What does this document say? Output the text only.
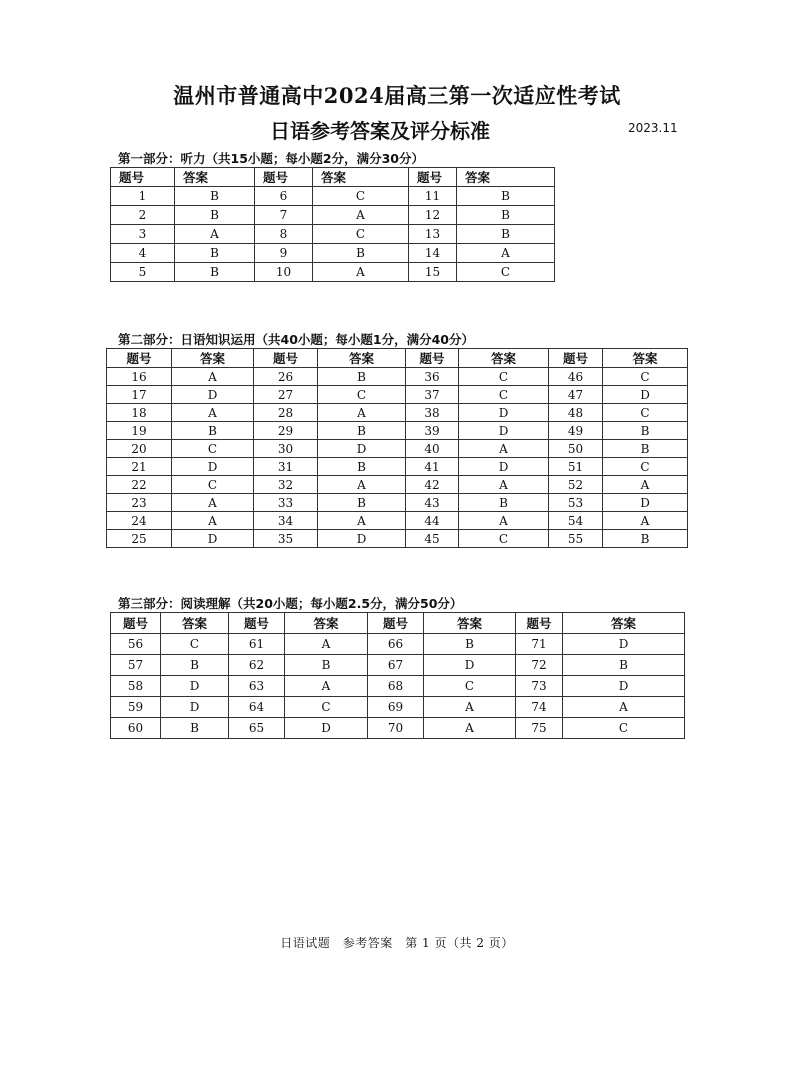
温州市普通高中2024届高三第一次适应性考试
日语参考答案及评分标准	2023.11
第一部分：听力（共15小题；每小题2分，满分30分）
题号	答案	题号	答案	题号	答案
1	B	6	C	11	B
2	B	7	A	12	B
3	A	8	C	13	B
4	B	9	B	14	A
5	B	10	A	15	C
第二部分：日语知识运用（共40小题；每小题1分，满分40分）
题号	答案	题号	答案	题号	答案	题号	答案
16	A	26	B	36	C	46	C
17	D	27	C	37	C	47	D
18	A	28	A	38	D	48	C
19	B	29	B	39	D	49	B
20	C	30	D	40	A	50	B
21	D	31	B	41	D	51	C
22	C	32	A	42	A	52	A
23	A	33	B	43	B	53	D
24	A	34	A	44	A	54	A
25	D	35	D	45	C	55	B
第三部分：阅读理解（共20小题；每小题2.5分，满分50分）
题号	答案	题号	答案	题号	答案	题号	答案
56	C	61	A	66	B	71	D
57	B	62	B	67	D	72	B
58	D	63	A	68	C	73	D
59	D	64	C	69	A	74	A
60	B	65	D	70	A	75	C
日语试题　参考答案　第 1 页（共 2 页）
